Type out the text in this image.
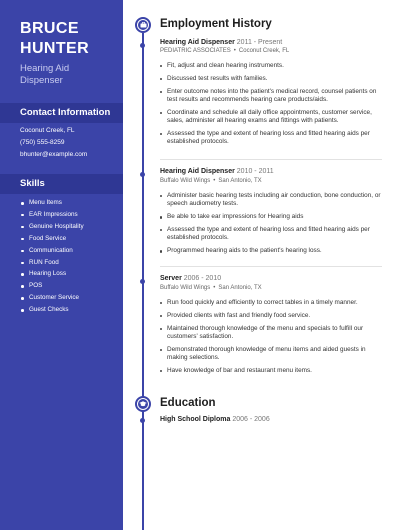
BRUCE
HUNTER
Hearing Aid
Dispenser
Contact Information
Coconut Creek, FL
(750) 555-8259
bhunter@example.com
Skills
Menu Items
EAR Impressions
Genuine Hospitality
Food Service
Communication
RUN Food
Hearing Loss
POS
Customer Service
Guest Checks
Employment History
Hearing Aid Dispenser 2011 - Present
PEDIATRIC ASSOCIATES • Coconut Creek, FL
Fit, adjust and clean hearing instruments.
Discussed test results with families.
Enter outcome notes into the patient's medical record, counsel patients on test results and recommends hearing care products/aids.
Coordinate and schedule all daily office appointments, customer service, sales, administer all hearing exams and fittings with patients.
Assessed the type and extent of hearing loss and fitted hearing aids per established protocols.
Hearing Aid Dispenser 2010 - 2011
Buffalo Wild Wings • San Antonio, TX
Administer basic hearing tests including air conduction, bone conduction, or speech audiometry tests.
Be able to take ear impressions for Hearing aids
Assessed the type and extent of hearing loss and fitted hearing aids per established protocols.
Programmed hearing aids to the patient's hearing loss.
Server 2006 - 2010
Buffalo Wild Wings • San Antonio, TX
Run food quickly and efficiently to correct tables in a timely manner.
Provided clients with fast and friendly food service.
Maintained thorough knowledge of the menu and specials to fulfill our customers' satisfaction.
Demonstrated thorough knowledge of menu items and aided guests in making selections.
Have knowledge of bar and restaurant menu items.
Education
High School Diploma 2006 - 2006
